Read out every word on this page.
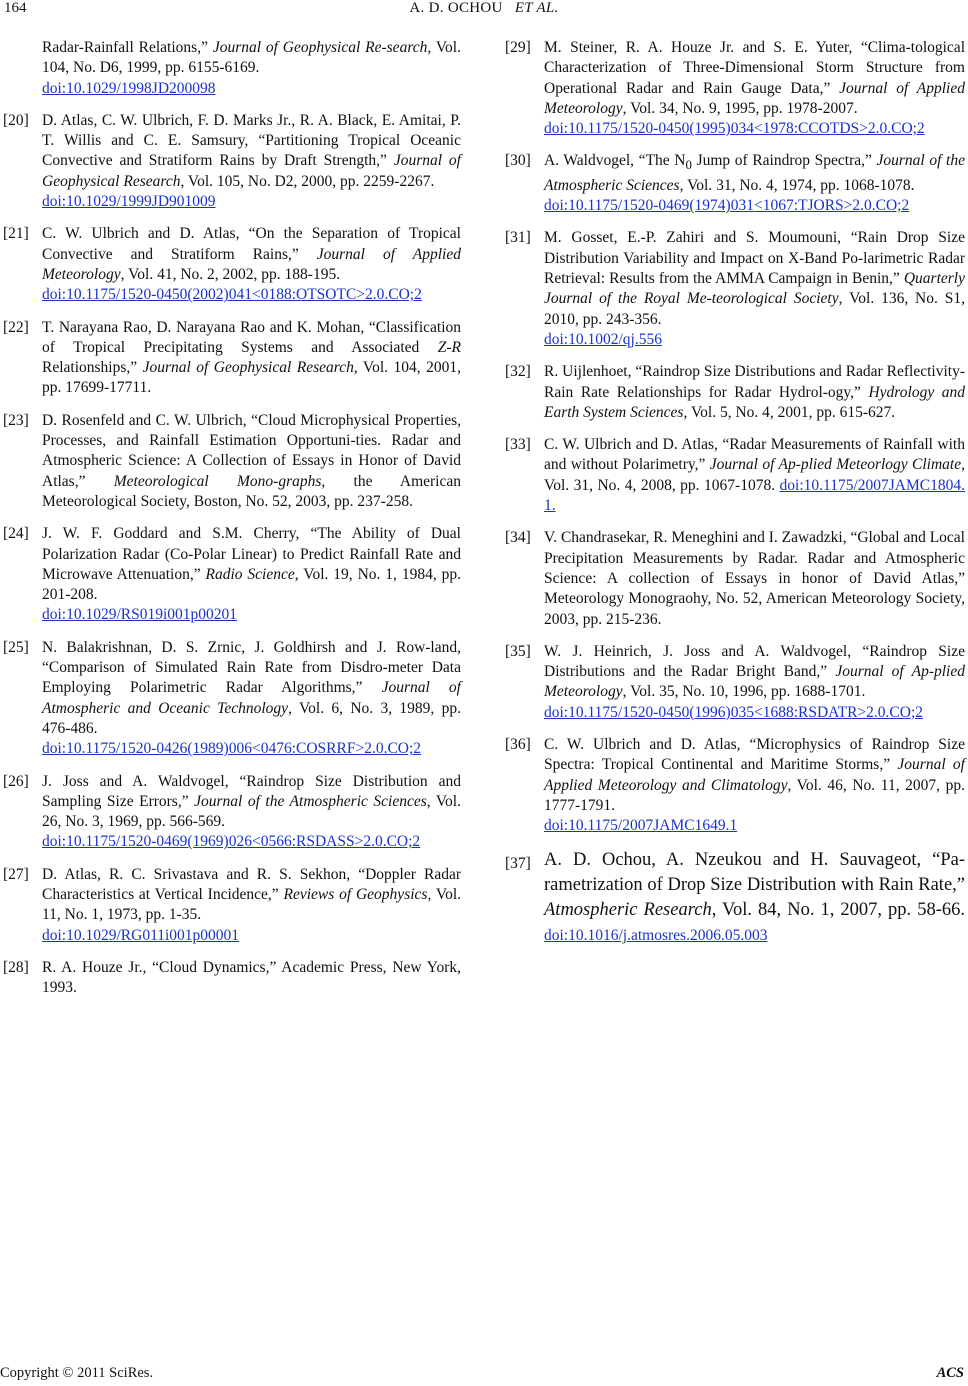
164	A. D. OCHOU ET AL.
Radar-Rainfall Relations,” Journal of Geophysical Re-search, Vol. 104, No. D6, 1999, pp. 6155-6169.
doi:10.1029/1998JD200098
[20] D. Atlas, C. W. Ulbrich, F. D. Marks Jr., R. A. Black, E. Amitai, P. T. Willis and C. E. Samsury, “Partitioning Tropical Oceanic Convective and Stratiform Rains by Draft Strength,” Journal of Geophysical Research, Vol. 105, No. D2, 2000, pp. 2259-2267.
doi:10.1029/1999JD901009
[21] C. W. Ulbrich and D. Atlas, “On the Separation of Tropical Convective and Stratiform Rains,” Journal of Applied Meteorology, Vol. 41, No. 2, 2002, pp. 188-195.
doi:10.1175/1520-0450(2002)041<0188:OTSOTC>2.0.CO;2
[22] T. Narayana Rao, D. Narayana Rao and K. Mohan, “Classification of Tropical Precipitating Systems and Associated Z-R Relationships,” Journal of Geophysical Research, Vol. 104, 2001, pp. 17699-17711.
[23] D. Rosenfeld and C. W. Ulbrich, “Cloud Microphysical Properties, Processes, and Rainfall Estimation Opportuni-ties. Radar and Atmospheric Science: A Collection of Essays in Honor of David Atlas,” Meteorological Mono-graphs, the American Meteorological Society, Boston, No. 52, 2003, pp. 237-258.
[24] J. W. F. Goddard and S.M. Cherry, “The Ability of Dual Polarization Radar (Co-Polar Linear) to Predict Rainfall Rate and Microwave Attenuation,” Radio Science, Vol. 19, No. 1, 1984, pp. 201-208.
doi:10.1029/RS019i001p00201
[25] N. Balakrishnan, D. S. Zrnic, J. Goldhirsh and J. Row-land, “Comparison of Simulated Rain Rate from Disdro-meter Data Employing Polarimetric Radar Algorithms,” Journal of Atmospheric and Oceanic Technology, Vol. 6, No. 3, 1989, pp. 476-486.
doi:10.1175/1520-0426(1989)006<0476:COSRRF>2.0.CO;2
[26] J. Joss and A. Waldvogel, “Raindrop Size Distribution and Sampling Size Errors,” Journal of the Atmospheric Sciences, Vol. 26, No. 3, 1969, pp. 566-569.
doi:10.1175/1520-0469(1969)026<0566:RSDASS>2.0.CO;2
[27] D. Atlas, R. C. Srivastava and R. S. Sekhon, “Doppler Radar Characteristics at Vertical Incidence,” Reviews of Geophysics, Vol. 11, No. 1, 1973, pp. 1-35.
doi:10.1029/RG011i001p00001
[28] R. A. Houze Jr., “Cloud Dynamics,” Academic Press, New York, 1993.
[29] M. Steiner, R. A. Houze Jr. and S. E. Yuter, “Clima-tological Characterization of Three-Dimensional Storm Structure from Operational Radar and Rain Gauge Data,” Journal of Applied Meteorology, Vol. 34, No. 9, 1995, pp. 1978-2007.
doi:10.1175/1520-0450(1995)034<1978:CCOTDS>2.0.CO;2
[30] A. Waldvogel, “The $N_0$ Jump of Raindrop Spectra,” Journal of the Atmospheric Sciences, Vol. 31, No. 4, 1974, pp. 1068-1078.
doi:10.1175/1520-0469(1974)031<1067:TJORS>2.0.CO;2
[31] M. Gosset, E.-P. Zahiri and S. Moumouni, “Rain Drop Size Distribution Variability and Impact on X-Band Po-larimetric Radar Retrieval: Results from the AMMA Campaign in Benin,” Quarterly Journal of the Royal Me-teorological Society, Vol. 136, No. S1, 2010, pp. 243-356.
doi:10.1002/qj.556
[32] R. Uijlenhoet, “Raindrop Size Distributions and Radar Reflectivity-Rain Rate Relationships for Radar Hydrol-ogy,” Hydrology and Earth System Sciences, Vol. 5, No. 4, 2001, pp. 615-627.
[33] C. W. Ulbrich and D. Atlas, “Radar Measurements of Rainfall with and without Polarimetry,” Journal of Ap-plied Meteorlogy Climate, Vol. 31, No. 4, 2008, pp. 1067-1078. doi:10.1175/2007JAMC1804.1.
[34] V. Chandrasekar, R. Meneghini and I. Zawadzki, “Global and Local Precipitation Measurements by Radar. Radar and Atmospheric Science: A collection of Essays in honor of David Atlas,” Meteorology Monograohy, No. 52, American Meteorology Society, 2003, pp. 215-236.
[35] W. J. Heinrich, J. Joss and A. Waldvogel, “Raindrop Size Distributions and the Radar Bright Band,” Journal of Ap-plied Meteorology, Vol. 35, No. 10, 1996, pp. 1688-1701.
doi:10.1175/1520-0450(1996)035<1688:RSDATR>2.0.CO;2
[36] C. W. Ulbrich and D. Atlas, “Microphysics of Raindrop Size Spectra: Tropical Continental and Maritime Storms,” Journal of Applied Meteorology and Climatology, Vol. 46, No. 11, 2007, pp. 1777-1791.
doi:10.1175/2007JAMC1649.1
[37] A. D. Ochou, A. Nzeukou and H. Sauvageot, “Pa-rametrization of Drop Size Distribution with Rain Rate,” Atmospheric Research, Vol. 84, No. 1, 2007, pp. 58-66. doi:10.1016/j.atmosres.2006.05.003
Copyright © 2011 SciRes.	ACS
